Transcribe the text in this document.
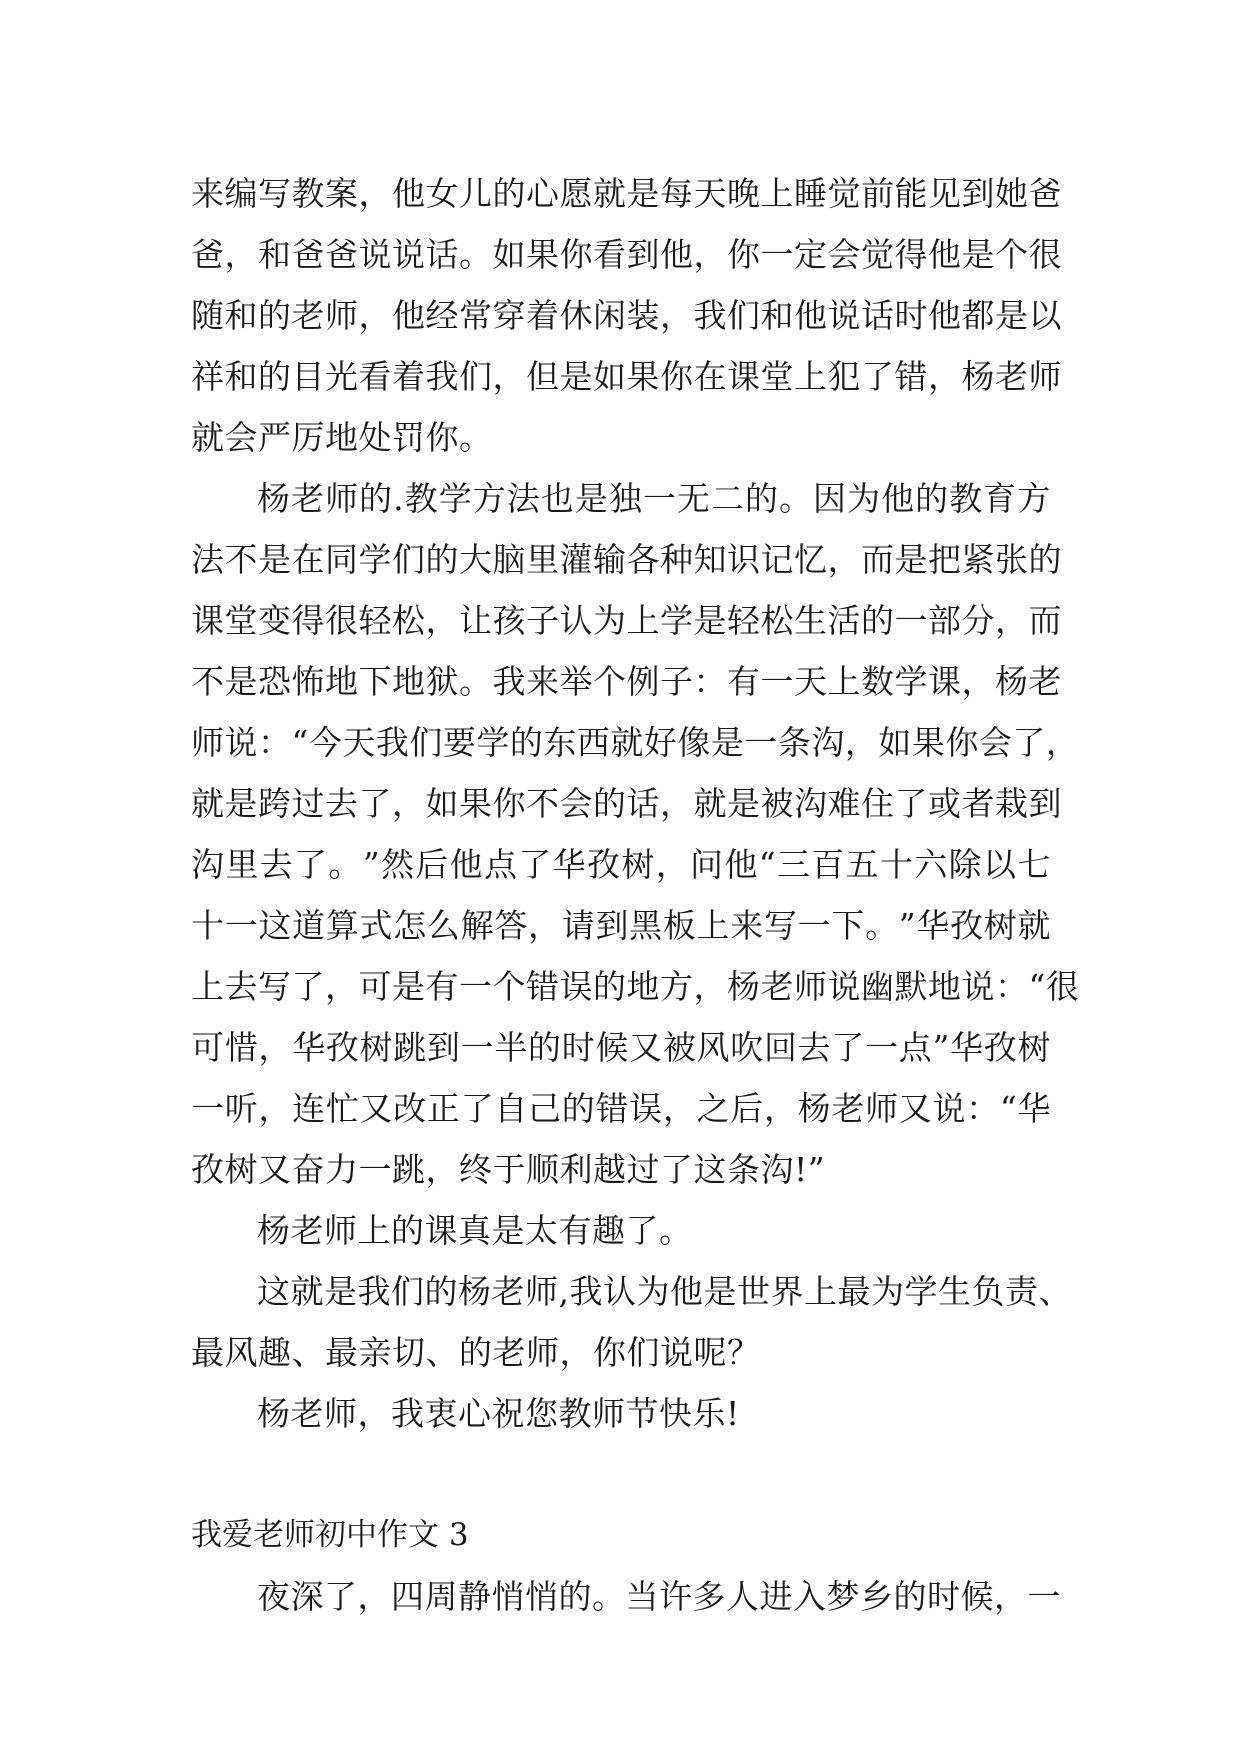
来 编 写 教 案 ， 他 女 儿 的 心 愿 就 是 每 天 晚 上 睡 觉 前 能 见 到 她 爸
爸 ， 和 爸 爸 说 说 话 。 如 果 你 看 到 他 ， 你 一 定 会 觉 得 他 是 个 很
随 和 的 老 师 ， 他 经 常 穿 着 休 闲 装 ， 我 们 和 他 说 话 时 他 都 是 以
祥 和 的 目 光 看 着 我 们 ， 但 是 如 果 你 在 课 堂 上 犯 了 错 ， 杨 老 师
就会严厉地处罚你。
杨 老 师 的 . 教 学 方 法 也 是 独 一 无 二 的 。 因 为 他 的 教 育 方
法 不 是 在 同 学 们 的 大 脑 里 灌 输 各 种 知 识 记 忆 ， 而 是 把 紧 张 的
课 堂 变 得 很 轻 松 ， 让 孩 子 认 为 上 学 是 轻 松 生 活 的 一 部 分 ， 而
不 是 恐 怖 地 下 地 狱 。 我 来 举 个 例 子 ： 有 一 天 上 数 学 课 ， 杨 老
师 说 ： “ 今 天 我 们 要 学 的 东 西 就 好 像 是 一 条 沟 ， 如 果 你 会 了 ，
就 是 跨 过 去 了 ， 如 果 你 不 会 的 话 ， 就 是 被 沟 难 住 了 或 者 栽 到
沟 里 去 了 。 ” 然 后 他 点 了 华 孜 树 ， 问 他 “ 三 百 五 十 六 除 以 七
十 一 这 道 算 式 怎 么 解 答 ， 请 到 黑 板 上 来 写 一 下 。 ” 华 孜 树 就
上 去 写 了 ， 可 是 有 一 个 错 误 的 地 方 ， 杨 老 师 说 幽 默 地 说 ： “ 很
可 惜 ， 华 孜 树 跳 到 一 半 的 时 候 又 被 风 吹 回 去 了 一 点 ” 华 孜 树
一 听 ， 连 忙 又 改 正 了 自 己 的 错 误 ， 之 后 ， 杨 老 师 又 说 ： “ 华
孜树又奋力一跳，终于顺利越过了这条沟!”
杨老师上的课真是太有趣了。
这 就 是 我 们 的 杨 老 师 , 我 认 为 他 是 世 界 上 最 为 学 生 负 责 、
最风趣、最亲切、的老师，你们说呢？
杨老师，我衷心祝您教师节快乐!
我爱老师初中作文 3
夜 深 了 ， 四 周 静 悄 悄 的 。 当 许 多 人 进 入 梦 乡 的 时 候 ， 一
